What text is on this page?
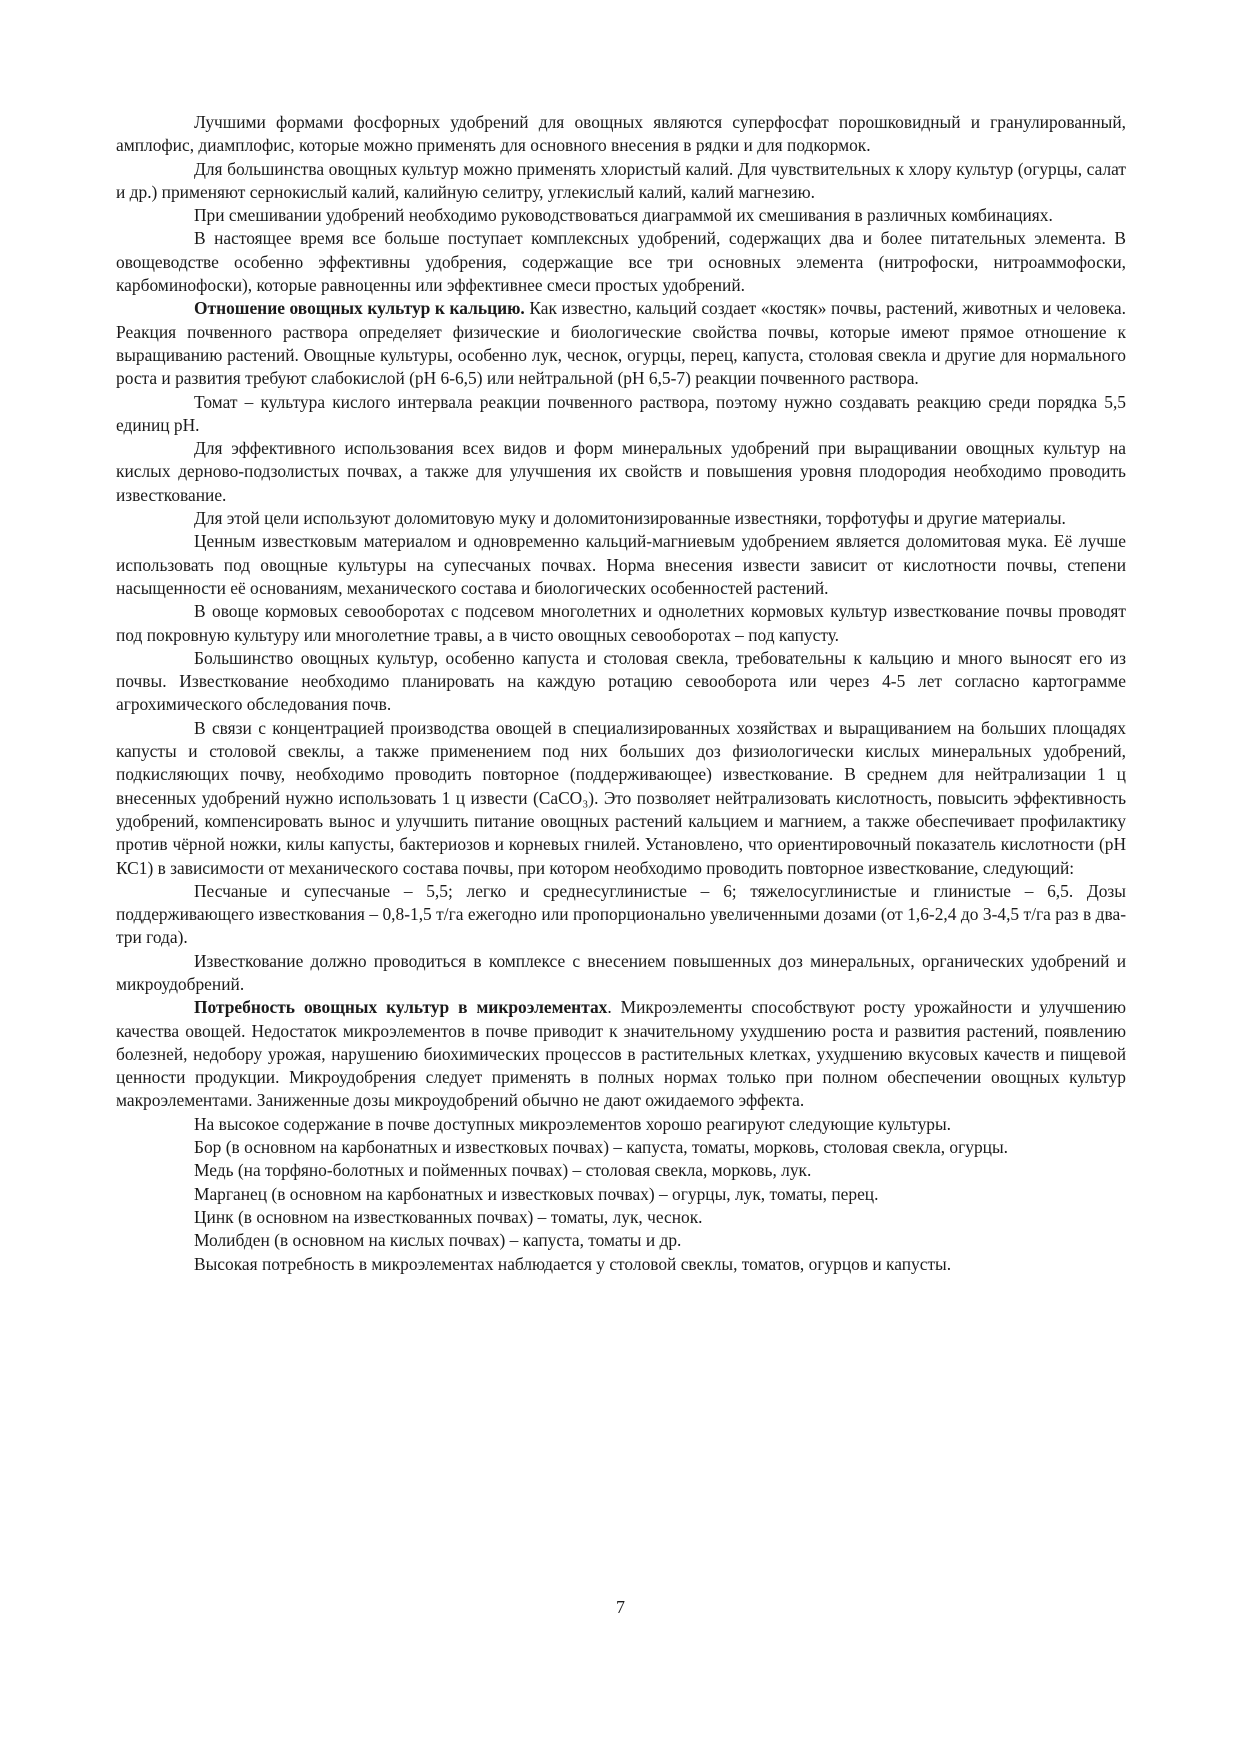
Лучшими формами фосфорных удобрений для овощных являются суперфосфат порошковидный и гранулированный, амплофис, диамплофис, которые можно применять для основного внесения в рядки и для подкормок.

Для большинства овощных культур можно применять хлористый калий. Для чувствительных к хлору культур (огурцы, салат и др.) применяют сернокислый калий, калийную селитру, углекислый калий, калий магнезию.

При смешивании удобрений необходимо руководствоваться диаграммой их смешивания в различных комбинациях.

В настоящее время все больше поступает комплексных удобрений, содержащих два и более питательных элемента. В овощеводстве особенно эффективны удобрения, содержащие все три основных элемента (нитрофоски, нитроаммофоски, карбоминофоски), которые равноценны или эффективнее смеси простых удобрений.

Отношение овощных культур к кальцию. Как известно, кальций создает «костяк» почвы, растений, животных и человека. Реакция почвенного раствора определяет физические и биологические свойства почвы, которые имеют прямое отношение к выращиванию растений. Овощные культуры, особенно лук, чеснок, огурцы, перец, капуста, столовая свекла и другие для нормального роста и развития требуют слабокислой (рН 6-6,5) или нейтральной (рН 6,5-7) реакции почвенного раствора.

Томат – культура кислого интервала реакции почвенного раствора, поэтому нужно создавать реакцию среди порядка 5,5 единиц рН.

Для эффективного использования всех видов и форм минеральных удобрений при выращивании овощных культур на кислых дерново-подзолистых почвах, а также для улучшения их свойств и повышения уровня плодородия необходимо проводить известкование.

Для этой цели используют доломитовую муку и доломитонизированные известняки, торфотуфы и другие материалы.

Ценным известковым материалом и одновременно кальций-магниевым удобрением является доломитовая мука. Её лучше использовать под овощные культуры на супесчаных почвах. Норма внесения извести зависит от кислотности почвы, степени насыщенности её основаниям, механического состава и биологических особенностей растений.

В овоще кормовых севооборотах с подсевом многолетних и однолетних кормовых культур известкование почвы проводят под покровную культуру или многолетние травы, а в чисто овощных севооборотах – под капусту.

Большинство овощных культур, особенно капуста и столовая свекла, требовательны к кальцию и много выносят его из почвы. Известкование необходимо планировать на каждую ротацию севооборота или через 4-5 лет согласно картограмме агрохимического обследования почв.

В связи с концентрацией производства овощей в специализированных хозяйствах и выращиванием на больших площадях капусты и столовой свеклы, а также применением под них больших доз физиологически кислых минеральных удобрений, подкисляющих почву, необходимо проводить повторное (поддерживающее) известкование. В среднем для нейтрализации 1 ц внесенных удобрений нужно использовать 1 ц извести (CaCO₃). Это позволяет нейтрализовать кислотность, повысить эффективность удобрений, компенсировать вынос и улучшить питание овощных растений кальцием и магнием, а также обеспечивает профилактику против чёрной ножки, килы капусты, бактериозов и корневых гнилей. Установлено, что ориентировочный показатель кислотности (рН КС1) в зависимости от механического состава почвы, при котором необходимо проводить повторное известкование, следующий:

Песчаные и супесчаные – 5,5; легко и среднесуглинистые – 6; тяжелосуглинистые и глинистые – 6,5. Дозы поддерживающего известкования – 0,8-1,5 т/га ежегодно или пропорционально увеличенными дозами (от 1,6-2,4 до 3-4,5 т/га раз в два-три года).

Известкование должно проводиться в комплексе с внесением повышенных доз минеральных, органических удобрений и микроудобрений.

Потребность овощных культур в микроэлементах. Микроэлементы способствуют росту урожайности и улучшению качества овощей. Недостаток микроэлементов в почве приводит к значительному ухудшению роста и развития растений, появлению болезней, недобору урожая, нарушению биохимических процессов в растительных клетках, ухудшению вкусовых качеств и пищевой ценности продукции. Микроудобрения следует применять в полных нормах только при полном обеспечении овощных культур макроэлементами. Заниженные дозы микроудобрений обычно не дают ожидаемого эффекта.

На высокое содержание в почве доступных микроэлементов хорошо реагируют следующие культуры.

Бор (в основном на карбонатных и известковых почвах) – капуста, томаты, морковь, столовая свекла, огурцы.

Медь (на торфяно-болотных и пойменных почвах) – столовая свекла, морковь, лук.

Марганец (в основном на карбонатных и известковых почвах) – огурцы, лук, томаты, перец.

Цинк (в основном на известкованных почвах) – томаты, лук, чеснок.

Молибден (в основном на кислых почвах) – капуста, томаты и др.

Высокая потребность в микроэлементах наблюдается у столовой свеклы, томатов, огурцов и капусты.

7
